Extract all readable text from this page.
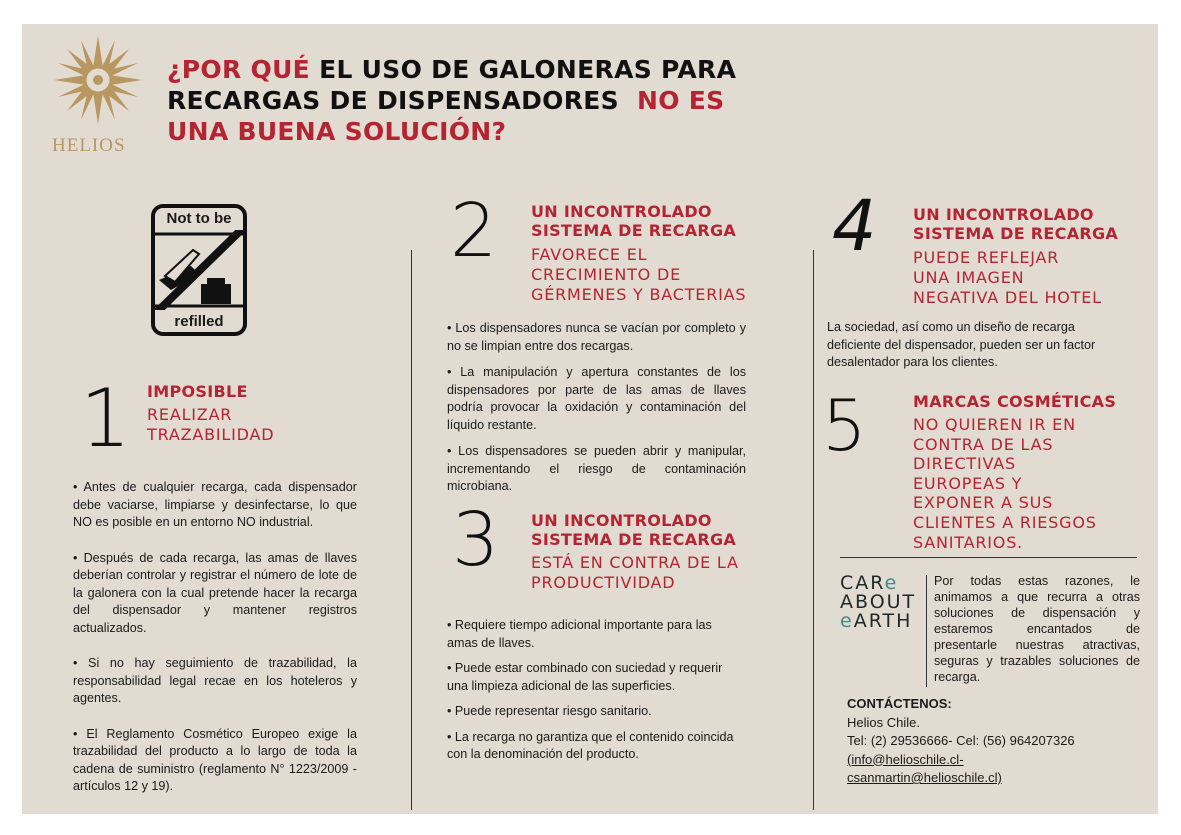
HELIOS
¿POR QUÉ EL USO DE GALONERAS PARA
RECARGAS DE DISPENSADORES NO ES
UNA BUENA SOLUCIÓN?
Not to be
refilled
1 IMPOSIBLE
REALIZAR
TRAZABILIDAD

• Antes de cualquier recarga, cada dispensador debe vaciarse, limpiarse y desinfectarse, lo que NO es posible en un entorno NO industrial.

• Después de cada recarga, las amas de llaves deberían controlar y registrar el número de lote de la galonera con la cual pretende hacer la recarga del dispensador y mantener registros actualizados.

• Si no hay seguimiento de trazabilidad, la responsabilidad legal recae en los hoteleros y agentes.

• El Reglamento Cosmético Europeo exige la trazabilidad del producto a lo largo de toda la cadena de suministro (reglamento N° 1223/2009 - artículos 12 y 19).

2 UN INCONTROLADO
SISTEMA DE RECARGA
FAVORECE EL
CRECIMIENTO DE
GÉRMENES Y BACTERIAS

• Los dispensadores nunca se vacían por completo y no se limpian entre dos recargas.

• La manipulación y apertura constantes de los dispensadores por parte de las amas de llaves podría provocar la oxidación y contaminación del líquido restante.

• Los dispensadores se pueden abrir y manipular, incrementando el riesgo de contaminación microbiana.

3 UN INCONTROLADO
SISTEMA DE RECARGA
ESTÁ EN CONTRA DE LA
PRODUCTIVIDAD

• Requiere tiempo adicional importante para las amas de llaves.

• Puede estar combinado con suciedad y requerir una limpieza adicional de las superficies.

• Puede representar riesgo sanitario.

• La recarga no garantiza que el contenido coincida con la denominación del producto.

4 UN INCONTROLADO
SISTEMA DE RECARGA
PUEDE REFLEJAR
UNA IMAGEN
NEGATIVA DEL HOTEL
La sociedad, así como un diseño de recarga deficiente del dispensador, pueden ser un factor desalentador para los clientes.
5	MARCAS COSMÉTICAS
NO QUIEREN IR EN
CONTRA DE LAS
DIRECTIVAS
EUROPEAS Y
EXPONER A SUS
CLIENTES A RIESGOS
SANITARIOS.
CARe
ABOUT
eARTH
Por todas estas razones, le animamos a que recurra a otras soluciones de dispensación y estaremos encantados de presentarle nuestras atractivas, seguras y trazables soluciones de recarga.
CONTÁCTENOS:
Helios Chile.
Tel: (2) 29536666- Cel: (56) 964207326
(info@helioschile.cl-
csanmartin@helioschile.cl)
